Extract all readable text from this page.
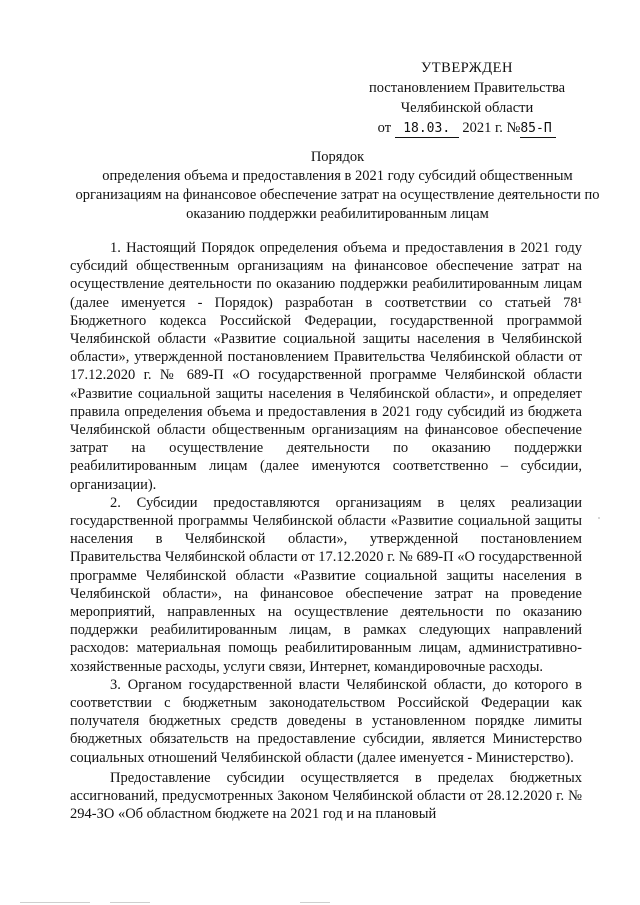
УТВЕРЖДЕН
постановлением Правительства
Челябинской области
от 18.03. 2021 г. №85-П
Порядок
определения объема и предоставления в 2021 году субсидий общественным организациям на финансовое обеспечение затрат на осуществление деятельности по оказанию поддержки реабилитированным лицам

1. Настоящий Порядок определения объема и предоставления в 2021 году субсидий общественным организациям на финансовое обеспечение затрат на осуществление деятельности по оказанию поддержки реабилитированным лицам (далее именуется - Порядок) разработан в соответствии со статьей 78¹ Бюджетного кодекса Российской Федерации, государственной программой Челябинской области «Развитие социальной защиты населения в Челябинской области», утвержденной постановлением Правительства Челябинской области от 17.12.2020 г. № 689-П «О государственной программе Челябинской области «Развитие социальной защиты населения в Челябинской области», и определяет правила определения объема и предоставления в 2021 году субсидий из бюджета Челябинской области общественным организациям на финансовое обеспечение затрат на осуществление деятельности по оказанию поддержки реабилитированным лицам (далее именуются соответственно – субсидии, организации).

2. Субсидии предоставляются организациям в целях реализации государственной программы Челябинской области «Развитие социальной защиты населения в Челябинской области», утвержденной постановлением Правительства Челябинской области от 17.12.2020 г. № 689-П «О государственной программе Челябинской области «Развитие социальной защиты населения в Челябинской области», на финансовое обеспечение затрат на проведение мероприятий, направленных на осуществление деятельности по оказанию поддержки реабилитированным лицам, в рамках следующих направлений расходов: материальная помощь реабилитированным лицам, административно-хозяйственные расходы, услуги связи, Интернет, командировочные расходы.

3. Органом государственной власти Челябинской области, до которого в соответствии с бюджетным законодательством Российской Федерации как получателя бюджетных средств доведены в установленном порядке лимиты бюджетных обязательств на предоставление субсидии, является Министерство социальных отношений Челябинской области (далее именуется - Министерство).

Предоставление субсидии осуществляется в пределах бюджетных ассигнований, предусмотренных Законом Челябинской области от 28.12.2020 г. № 294-ЗО «Об областном бюджете на 2021 год и на плановый
